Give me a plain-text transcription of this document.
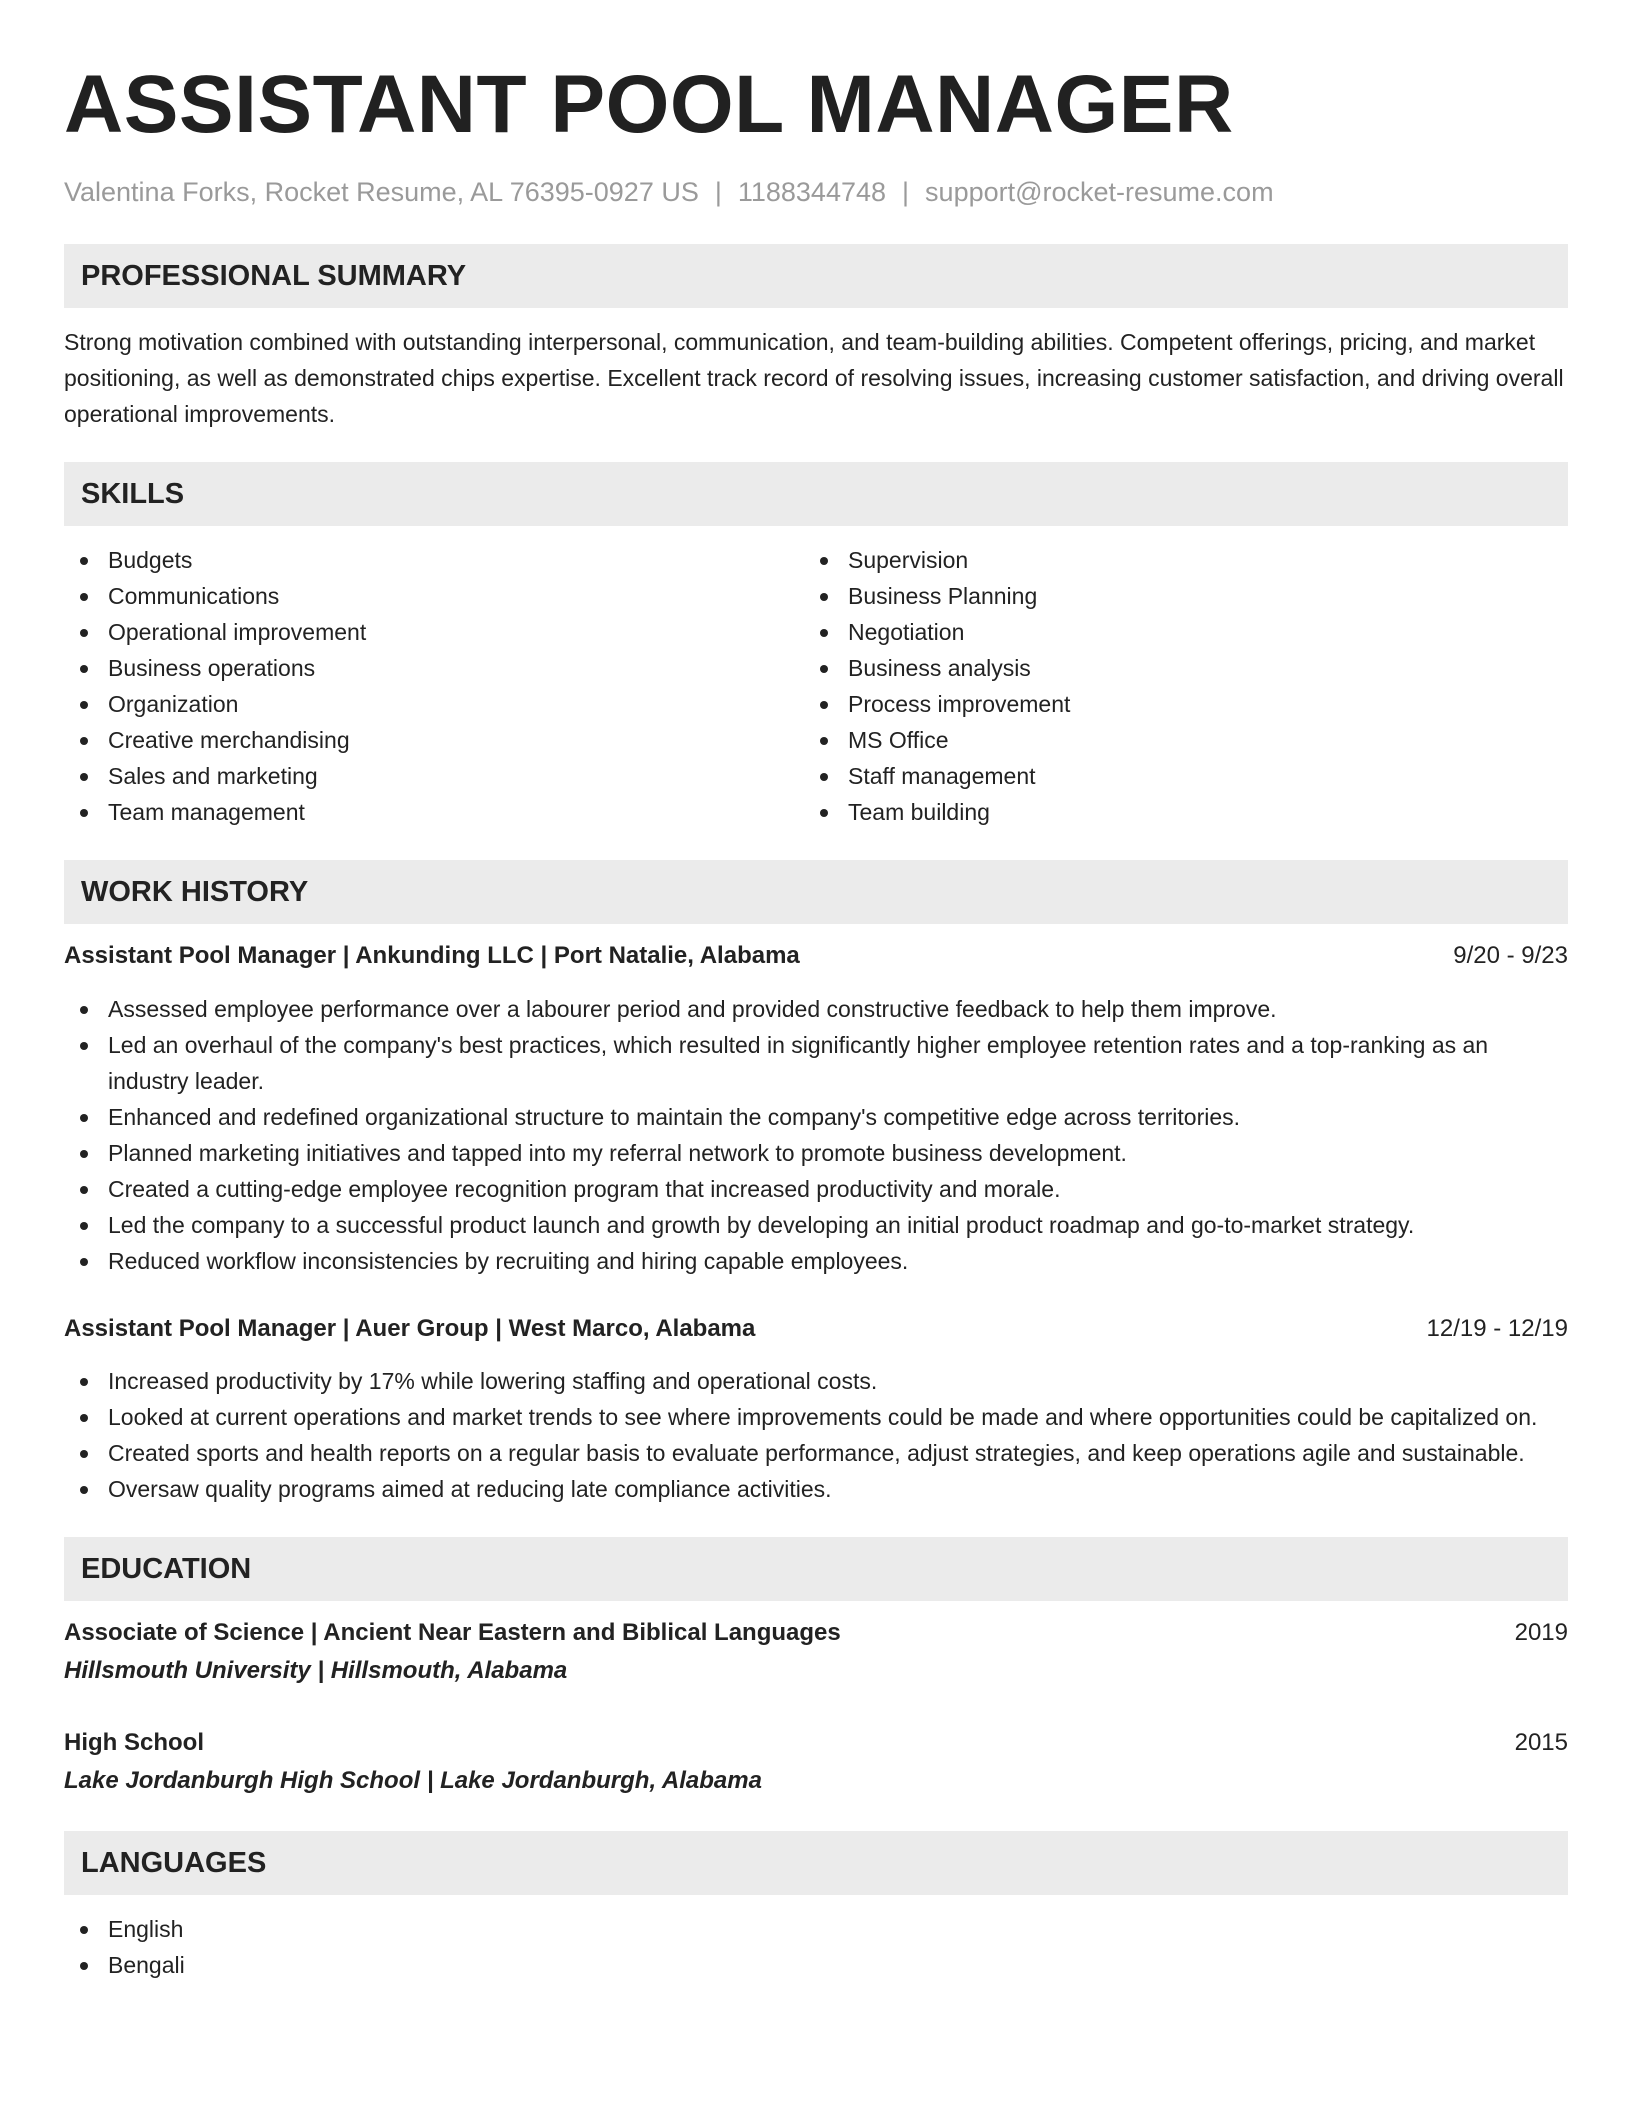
ASSISTANT POOL MANAGER
Valentina Forks, Rocket Resume, AL 76395-0927 US | 1188344748 | support@rocket-resume.com
PROFESSIONAL SUMMARY
Strong motivation combined with outstanding interpersonal, communication, and team-building abilities. Competent offerings, pricing, and market positioning, as well as demonstrated chips expertise. Excellent track record of resolving issues, increasing customer satisfaction, and driving overall operational improvements.
SKILLS
Budgets
Communications
Operational improvement
Business operations
Organization
Creative merchandising
Sales and marketing
Team management
Supervision
Business Planning
Negotiation
Business analysis
Process improvement
MS Office
Staff management
Team building
WORK HISTORY
Assistant Pool Manager | Ankunding LLC | Port Natalie, Alabama	9/20 - 9/23
Assessed employee performance over a labourer period and provided constructive feedback to help them improve.
Led an overhaul of the company's best practices, which resulted in significantly higher employee retention rates and a top-ranking as an industry leader.
Enhanced and redefined organizational structure to maintain the company's competitive edge across territories.
Planned marketing initiatives and tapped into my referral network to promote business development.
Created a cutting-edge employee recognition program that increased productivity and morale.
Led the company to a successful product launch and growth by developing an initial product roadmap and go-to-market strategy.
Reduced workflow inconsistencies by recruiting and hiring capable employees.
Assistant Pool Manager | Auer Group | West Marco, Alabama	12/19 - 12/19
Increased productivity by 17% while lowering staffing and operational costs.
Looked at current operations and market trends to see where improvements could be made and where opportunities could be capitalized on.
Created sports and health reports on a regular basis to evaluate performance, adjust strategies, and keep operations agile and sustainable.
Oversaw quality programs aimed at reducing late compliance activities.
EDUCATION
Associate of Science | Ancient Near Eastern and Biblical Languages	2019
Hillsmouth University | Hillsmouth, Alabama
High School	2015
Lake Jordanburgh High School | Lake Jordanburgh, Alabama
LANGUAGES
English
Bengali
